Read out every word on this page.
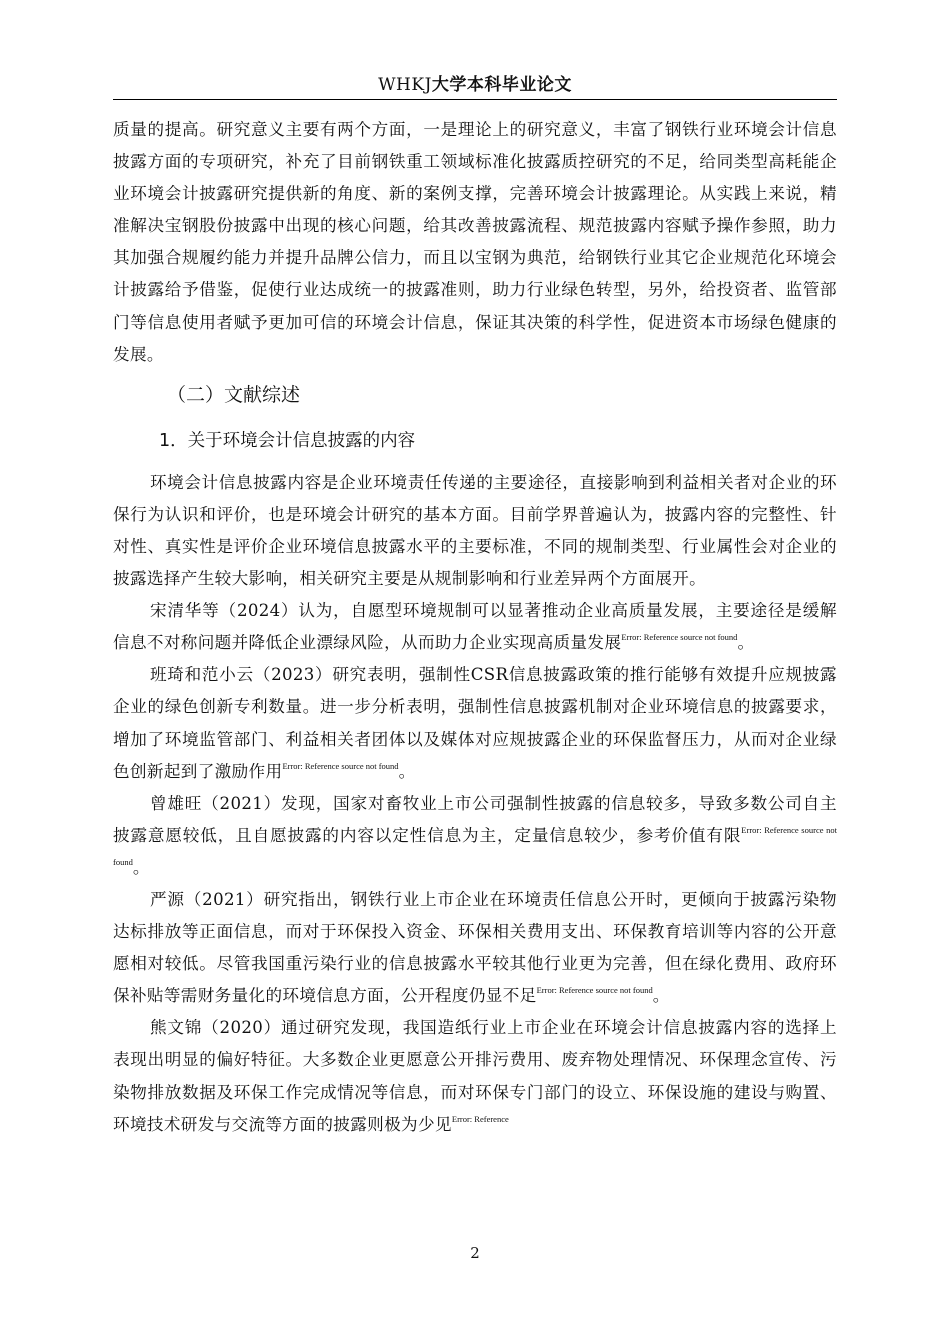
WHKJ大学本科毕业论文

质量的提高。研究意义主要有两个方面，一是理论上的研究意义，丰富了钢铁行业环境会计信息披露方面的专项研究，补充了目前钢铁重工领域标准化披露质控研究的不足，给同类型高耗能企业环境会计披露研究提供新的角度、新的案例支撑，完善环境会计披露理论。从实践上来说，精准解决宝钢股份披露中出现的核心问题，给其改善披露流程、规范披露内容赋予操作参照，助力其加强合规履约能力并提升品牌公信力，而且以宝钢为典范，给钢铁行业其它企业规范化环境会计披露给予借鉴，促使行业达成统一的披露准则，助力行业绿色转型，另外，给投资者、监管部门等信息使用者赋予更加可信的环境会计信息，保证其决策的科学性，促进资本市场绿色健康的发展。

（二）文献综述
1．关于环境会计信息披露的内容

环境会计信息披露内容是企业环境责任传递的主要途径，直接影响到利益相关者对企业的环保行为认识和评价，也是环境会计研究的基本方面。目前学界普遍认为，披露内容的完整性、针对性、真实性是评价企业环境信息披露水平的主要标准，不同的规制类型、行业属性会对企业的披露选择产生较大影响，相关研究主要是从规制影响和行业差异两个方面展开。

宋清华等（2024）认为，自愿型环境规制可以显著推动企业高质量发展，主要途径是缓解信息不对称问题并降低企业漂绿风险，从而助力企业实现高质量发展$^{Error: Reference source not found}$。

班琦和范小云（2023）研究表明，强制性CSR信息披露政策的推行能够有效提升应规披露企业的绿色创新专利数量。进一步分析表明，强制性信息披露机制对企业环境信息的披露要求，增加了环境监管部门、利益相关者团体以及媒体对应规披露企业的环保监督压力，从而对企业绿色创新起到了激励作用$^{Error: Reference source not found}$。

曾雄旺（2021）发现，国家对畜牧业上市公司强制性披露的信息较多，导致多数公司自主披露意愿较低，且自愿披露的内容以定性信息为主，定量信息较少，参考价值有限$^{Error: Reference source not found}$。

严源（2021）研究指出，钢铁行业上市企业在环境责任信息公开时，更倾向于披露污染物达标排放等正面信息，而对于环保投入资金、环保相关费用支出、环保教育培训等内容的公开意愿相对较低。尽管我国重污染行业的信息披露水平较其他行业更为完善，但在绿化费用、政府环保补贴等需财务量化的环境信息方面，公开程度仍显不足$^{Error: Reference source not found}$。

熊文锦（2020）通过研究发现，我国造纸行业上市企业在环境会计信息披露内容的选择上表现出明显的偏好特征。大多数企业更愿意公开排污费用、废弃物处理情况、环保理念宣传、污染物排放数据及环保工作完成情况等信息，而对环保专门部门的设立、环保设施的建设与购置、环境技术研发与交流等方面的披露则极为少见$^{Error: Reference}$

2
